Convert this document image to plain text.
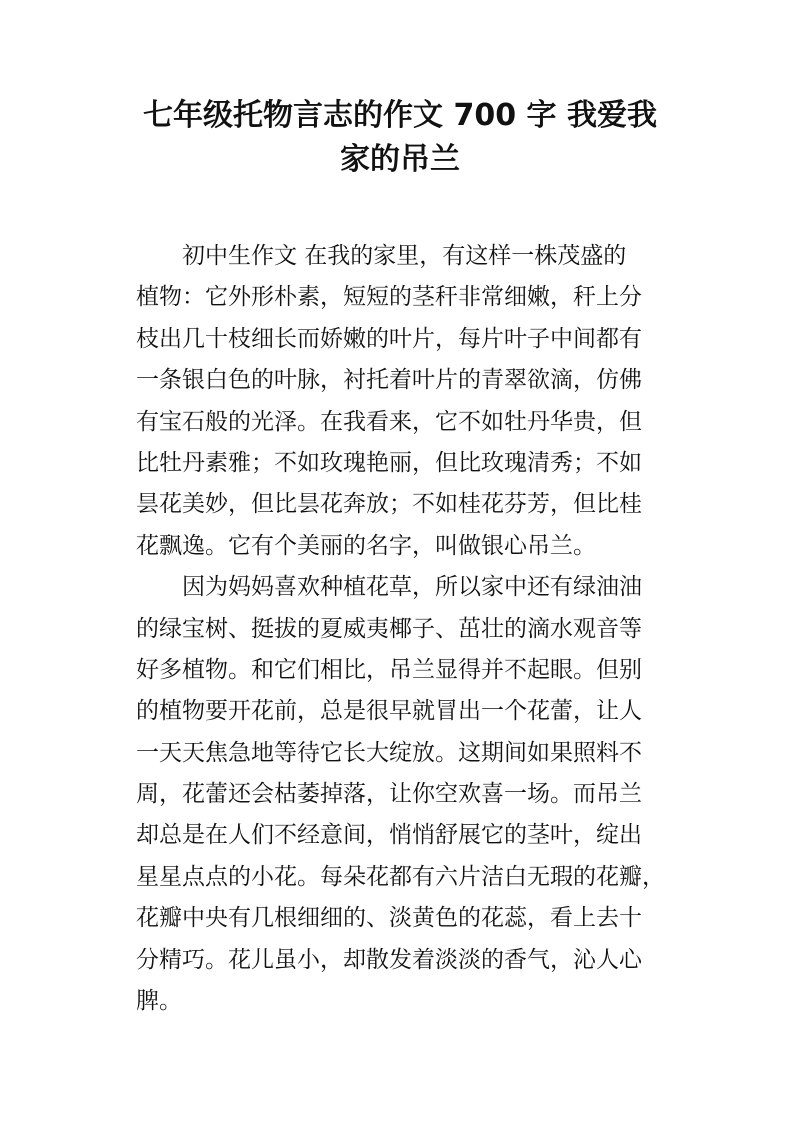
七年级托物言志的作文 700 字 我爱我
家的吊兰
初中生作文 在我的家里，有这样一株茂盛的
植物：它外形朴素，短短的茎秆非常细嫩，秆上分
枝出几十枝细长而娇嫩的叶片，每片叶子中间都有
一条银白色的叶脉，衬托着叶片的青翠欲滴，仿佛
有宝石般的光泽。在我看来，它不如牡丹华贵，但
比牡丹素雅；不如玫瑰艳丽，但比玫瑰清秀；不如
昙花美妙，但比昙花奔放；不如桂花芬芳，但比桂
花飘逸。它有个美丽的名字，叫做银心吊兰。
因为妈妈喜欢种植花草，所以家中还有绿油油
的绿宝树、挺拔的夏威夷椰子、茁壮的滴水观音等
好多植物。和它们相比，吊兰显得并不起眼。但别
的植物要开花前，总是很早就冒出一个花蕾，让人
一天天焦急地等待它长大绽放。这期间如果照料不
周，花蕾还会枯萎掉落，让你空欢喜一场。而吊兰
却总是在人们不经意间，悄悄舒展它的茎叶，绽出
星星点点的小花。每朵花都有六片洁白无瑕的花瓣，
花瓣中央有几根细细的、淡黄色的花蕊，看上去十
分精巧。花儿虽小，却散发着淡淡的香气，沁人心
脾。
